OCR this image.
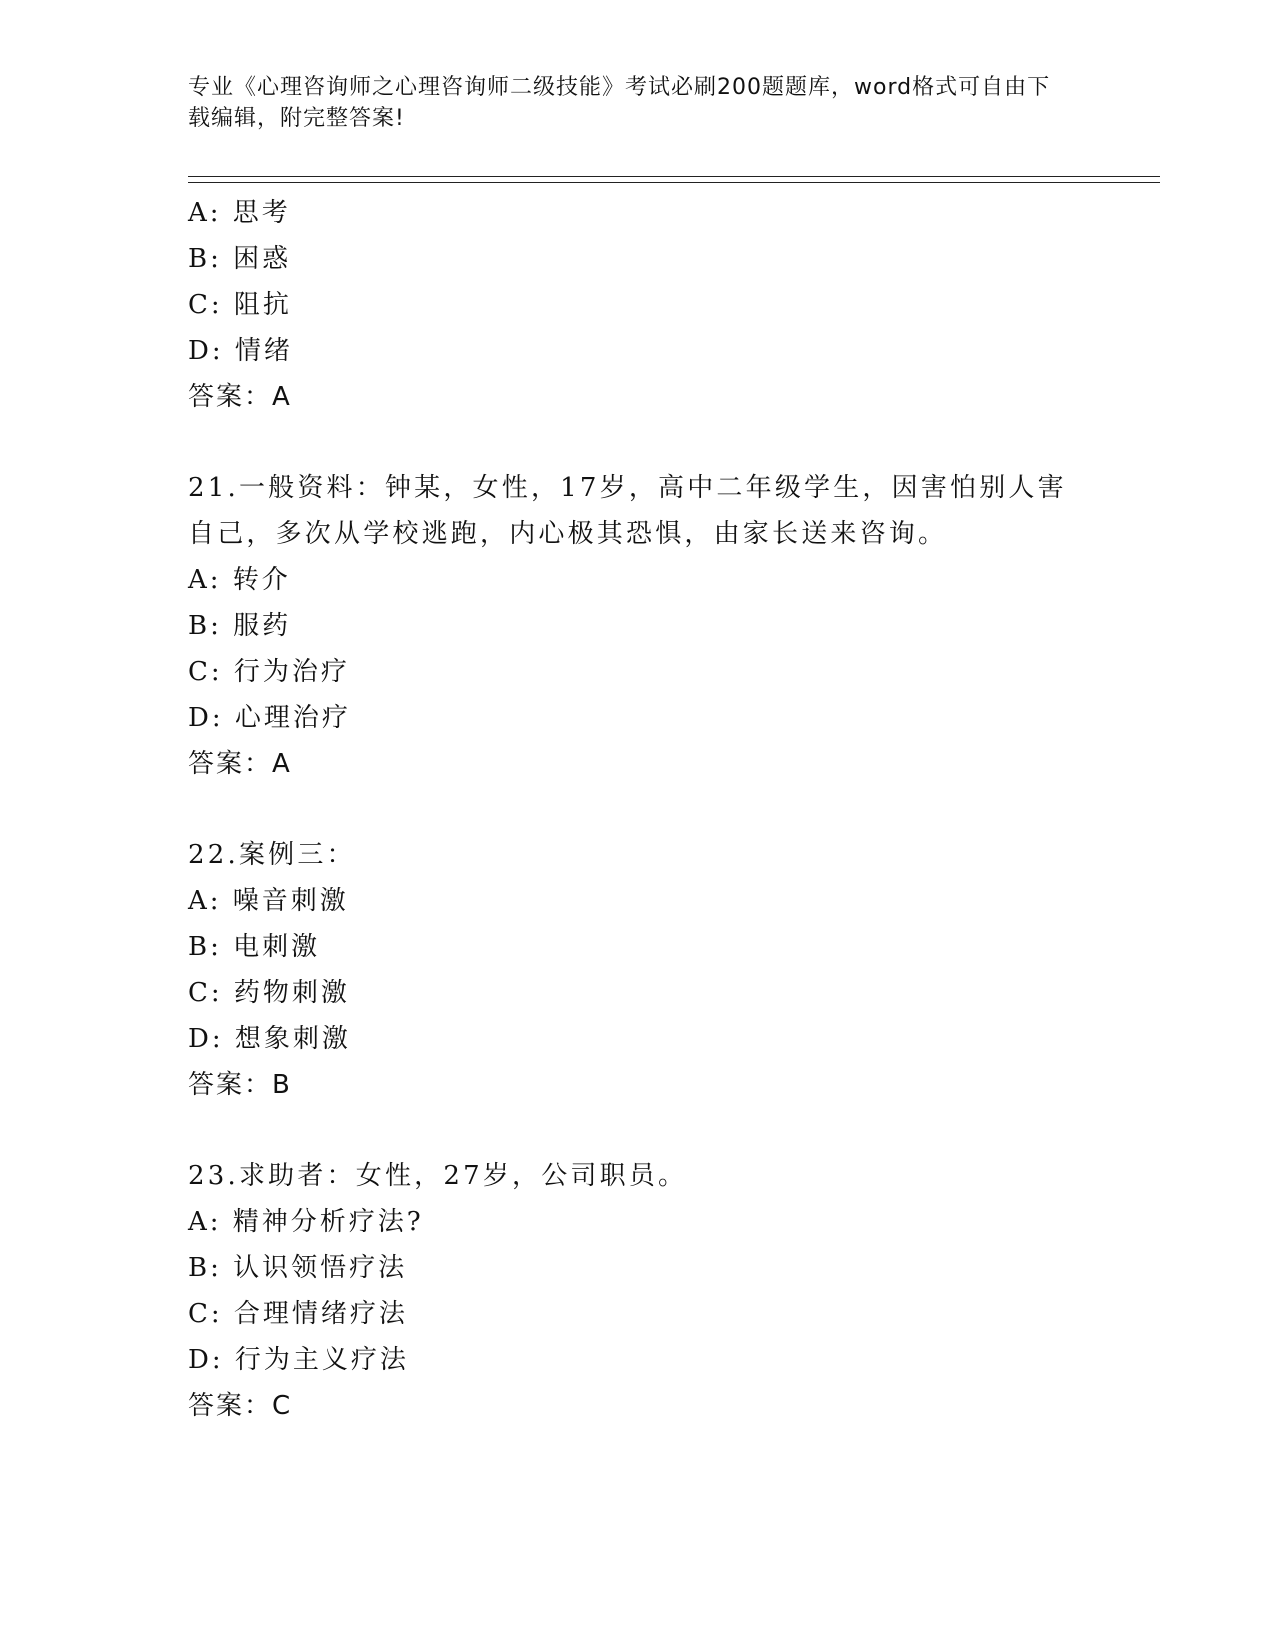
专业《心理咨询师之心理咨询师二级技能》考试必刷200题题库，word格式可自由下载编辑，附完整答案!
A: 思考
B: 困惑
C: 阻抗
D: 情绪
答案：A
21.一般资料：钟某，女性，17岁，高中二年级学生，因害怕别人害自己，多次从学校逃跑，内心极其恐惧，由家长送来咨询。
A: 转介
B: 服药
C: 行为治疗
D: 心理治疗
答案：A
22.案例三：
A: 噪音刺激
B: 电刺激
C: 药物刺激
D: 想象刺激
答案：B
23.求助者：女性，27岁，公司职员。
A: 精神分析疗法?
B: 认识领悟疗法
C: 合理情绪疗法
D: 行为主义疗法
答案：C
